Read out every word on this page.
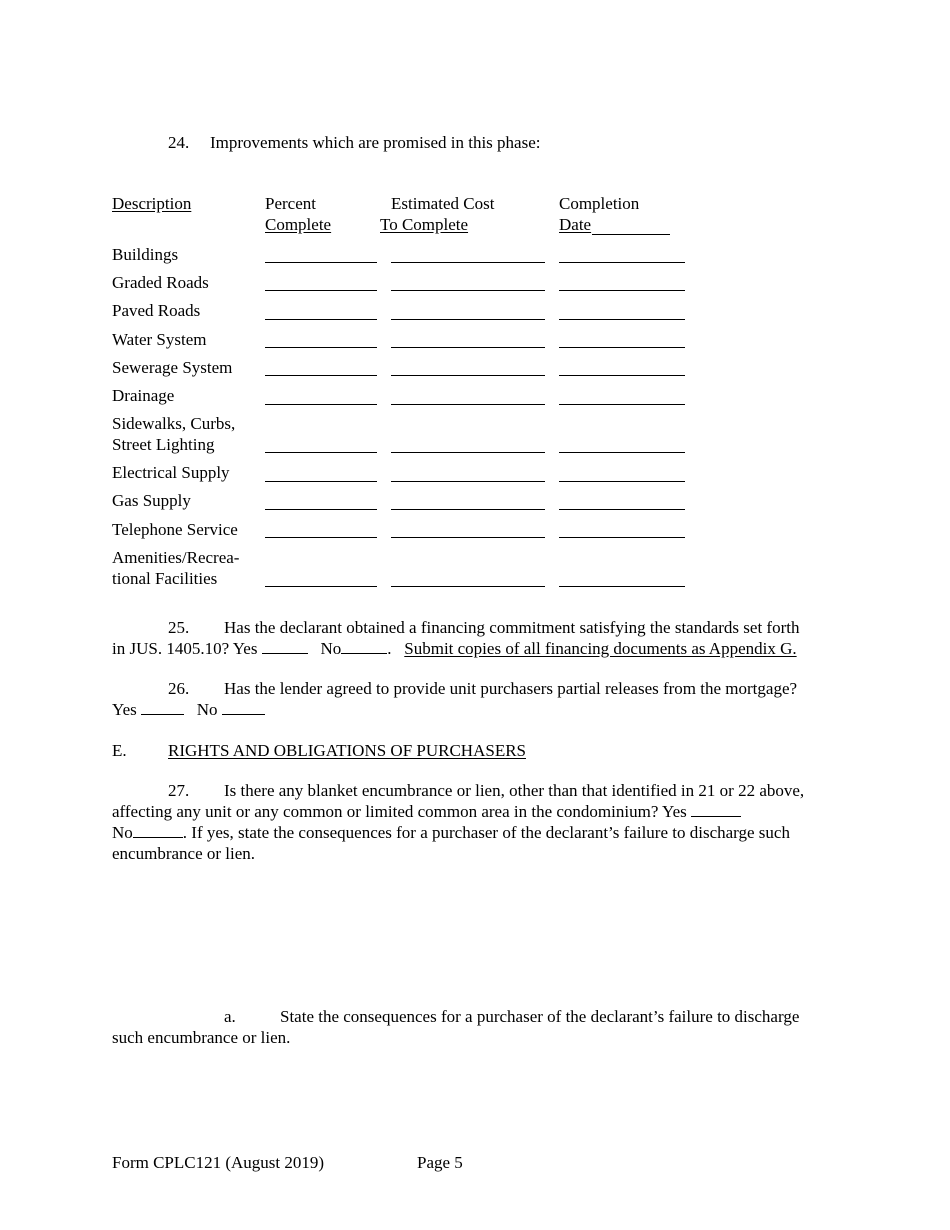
24. Improvements which are promised in this phase:
Description	Percent	Estimated Cost	Completion
Complete	To Complete	Date
Buildings
Graded Roads
Paved Roads
Water System
Sewerage System
Drainage
Sidewalks, Curbs,
Street Lighting
Electrical Supply
Gas Supply
Telephone Service
Amenities/Recrea-
tional Facilities
25. Has the declarant obtained a financing commitment satisfying the standards set forth
in JUS. 1405.10? Yes	No	.   Submit copies of all financing documents as Appendix G.
26. Has the lender agreed to provide unit purchasers partial releases from the mortgage?
Yes	No
E. RIGHTS AND OBLIGATIONS OF PURCHASERS
27. Is there any blanket encumbrance or lien, other than that identified in 21 or 22 above,
affecting any unit or any common or limited common area in the condominium? Yes
No	. If yes, state the consequences for a purchaser of the declarant’s failure to discharge such
encumbrance or lien.
a.	State the consequences for a purchaser of the declarant’s failure to discharge
such encumbrance or lien.
Form CPLC121 (August 2019)	Page 5
